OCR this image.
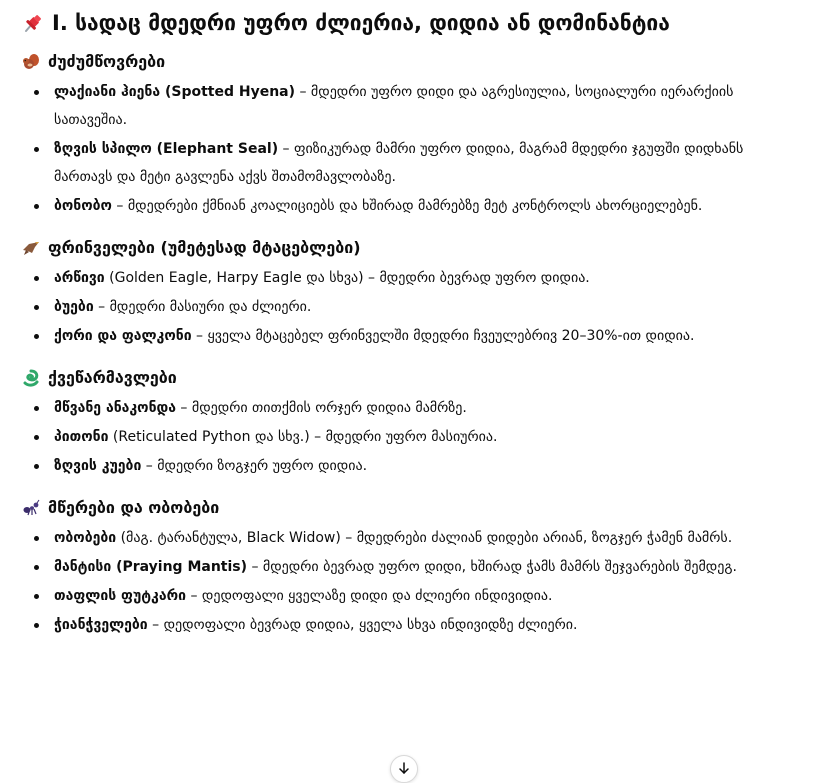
I. სადაც მდედრი უფრო ძლიერია, დიდია ან დომინანტია
ძუძუმწოვრები
ლაქიანი ჰიენა (Spotted Hyena) – მდედრი უფრო დიდი და აგრესიულია, სოციალური იერარქიის სათავეშია.
ზღვის სპილო (Elephant Seal) – ფიზიკურად მამრი უფრო დიდია, მაგრამ მდედრი ჯგუფში დიდხანს მართავს და მეტი გავლენა აქვს შთამომავლობაზე.
ბონობო – მდედრები ქმნიან კოალიციებს და ხშირად მამრებზე მეტ კონტროლს ახორციელებენ.
ფრინველები (უმეტესად მტაცებლები)
არწივი (Golden Eagle, Harpy Eagle და სხვა) – მდედრი ბევრად უფრო დიდია.
ბუები – მდედრი მასიური და ძლიერი.
ქორი და ფალკონი – ყველა მტაცებელ ფრინველში მდედრი ჩვეულებრივ 20–30%-ით დიდია.
ქვეწარმავლები
მწვანე ანაკონდა – მდედრი თითქმის ორჯერ დიდია მამრზე.
პითონი (Reticulated Python და სხვ.) – მდედრი უფრო მასიურია.
ზღვის კუები – მდედრი ზოგჯერ უფრო დიდია.
მწერები და ობობები
ობობები (მაგ. ტარანტულა, Black Widow) – მდედრები ძალიან დიდები არიან, ზოგჯერ ჭამენ მამრს.
მანტისი (Praying Mantis) – მდედრი ბევრად უფრო დიდი, ხშირად ჭამს მამრს შეჯვარების შემდეგ.
თაფლის ფუტკარი – დედოფალი ყველაზე დიდი და ძლიერი ინდივიდია.
ჭიანჭველები – დედოფალი ბევრად დიდია, ყველა სხვა ინდივიდზე ძლიერი.
